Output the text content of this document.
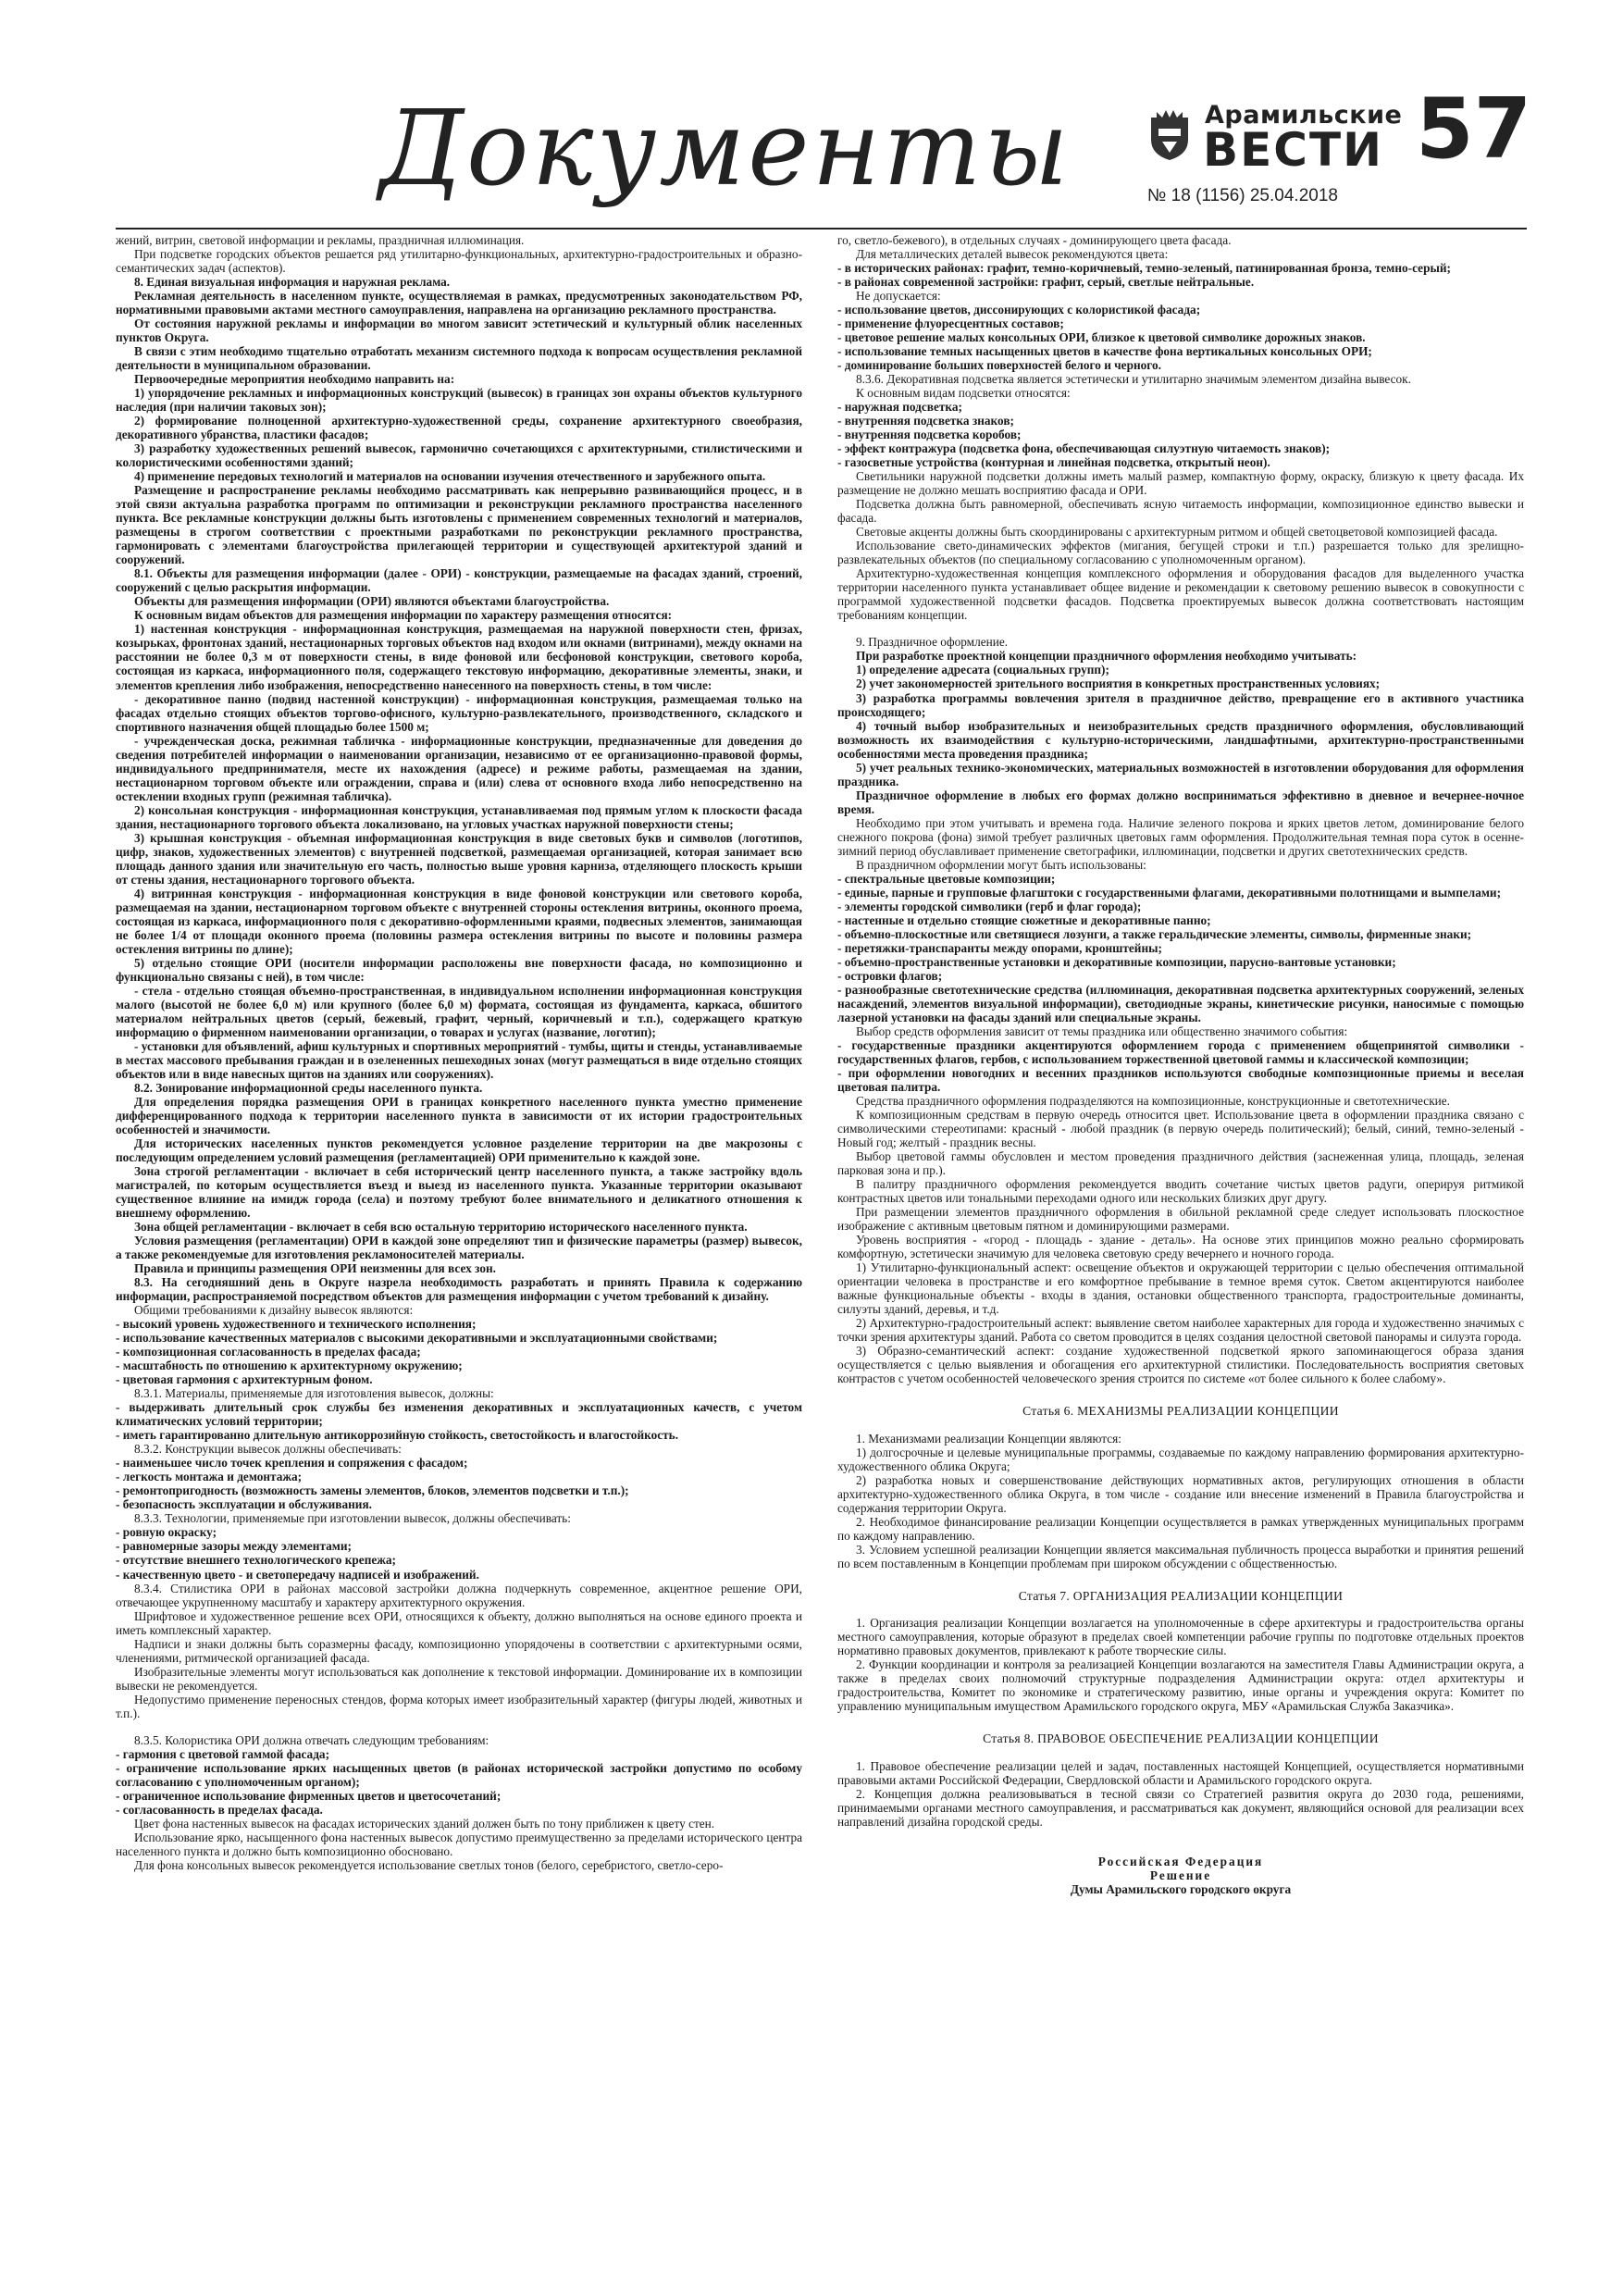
Документы	Арамильские
ВЕСТИ
№ 18 (1156) 25.04.2018
57

жений, витрин, световой информации и рекламы, праздничная иллюминация.

При подсветке городских объектов решается ряд утилитарно-функциональных, архитектурно-градостроительных и образно-семантических задач (аспектов).

8. Единая визуальная информация и наружная реклама.

Рекламная деятельность в населенном пункте, осуществляемая в рамках, предусмотренных законодательством РФ, нормативными правовыми актами местного самоуправления, направлена на организацию рекламного пространства.

От состояния наружной рекламы и информации во многом зависит эстетический и культурный облик населенных пунктов Округа.

В связи с этим необходимо тщательно отработать механизм системного подхода к вопросам осуществления рекламной деятельности в муниципальном образовании.

Первоочередные мероприятия необходимо направить на:

1) упорядочение рекламных и информационных конструкций (вывесок) в границах зон охраны объектов культурного наследия (при наличии таковых зон);

2) формирование полноценной архитектурно-художественной среды, сохранение архитектурного своеобразия, декоративного убранства, пластики фасадов;

3) разработку художественных решений вывесок, гармонично сочетающихся с архитектурными, стилистическими и колористическими особенностями зданий;

4) применение передовых технологий и материалов на основании изучения отечественного и зарубежного опыта.

Размещение и распространение рекламы необходимо рассматривать как непрерывно развивающийся процесс, и в этой связи актуальна разработка программ по оптимизации и реконструкции рекламного пространства населенного пункта. Все рекламные конструкции должны быть изготовлены с применением современных технологий и материалов, размещены в строгом соответствии с проектными разработками по реконструкции рекламного пространства, гармонировать с элементами благоустройства прилегающей территории и существующей архитектурой зданий и сооружений.

8.1. Объекты для размещения информации (далее - ОРИ) - конструкции, размещаемые на фасадах зданий, строений, сооружений с целью раскрытия информации.

Объекты для размещения информации (ОРИ) являются объектами благоустройства.

К основным видам объектов для размещения информации по характеру размещения относятся:

1) настенная конструкция - информационная конструкция, размещаемая на наружной поверхности стен, фризах, козырьках, фронтонах зданий, нестационарных торговых объектов над входом или окнами (витринами), между окнами на расстоянии не более 0,3 м от поверхности стены, в виде фоновой или бесфоновой конструкции, светового короба, состоящая из каркаса, информационного поля, содержащего текстовую информацию, декоративные элементы, знаки, и элементов крепления либо изображения, непосредственно нанесенного на поверхность стены, в том числе:

- декоративное панно (подвид настенной конструкции) - информационная конструкция, размещаемая только на фасадах отдельно стоящих объектов торгово-офисного, культурно-развлекательного, производственного, складского и спортивного назначения общей площадью более 1500 м;

- учрежденческая доска, режимная табличка - информационные конструкции, предназначенные для доведения до сведения потребителей информации о наименовании организации, независимо от ее организационно-правовой формы, индивидуального предпринимателя, месте их нахождения (адресе) и режиме работы, размещаемая на здании, нестационарном торговом объекте или ограждении, справа и (или) слева от основного входа либо непосредственно на остеклении входных групп (режимная табличка).

2) консольная конструкция - информационная конструкция, устанавливаемая под прямым углом к плоскости фасада здания, нестационарного торгового объекта локализовано, на угловых участках наружной поверхности стены;

3) крышная конструкция - объемная информационная конструкция в виде световых букв и символов (логотипов, цифр, знаков, художественных элементов) с внутренней подсветкой, размещаемая организацией, которая занимает всю площадь данного здания или значительную его часть, полностью выше уровня карниза, отделяющего плоскость крыши от стены здания, нестационарного торгового объекта.

4) витринная конструкция - информационная конструкция в виде фоновой конструкции или светового короба, размещаемая на здании, нестационарном торговом объекте с внутренней стороны остекления витрины, оконного проема, состоящая из каркаса, информационного поля с декоративно-оформленными краями, подвесных элементов, занимающая не более 1/4 от площади оконного проема (половины размера остекления витрины по высоте и половины размера остекления витрины по длине);

5) отдельно стоящие ОРИ (носители информации расположены вне поверхности фасада, но композиционно и функционально связаны с ней), в том числе:

- стела - отдельно стоящая объемно-пространственная, в индивидуальном исполнении информационная конструкция малого (высотой не более 6,0 м) или крупного (более 6,0 м) формата, состоящая из фундамента, каркаса, обшитого материалом нейтральных цветов (серый, бежевый, графит, черный, коричневый и т.п.), содержащего краткую информацию о фирменном наименовании организации, о товарах и услугах (название, логотип);

- установки для объявлений, афиш культурных и спортивных мероприятий - тумбы, щиты и стенды, устанавливаемые в местах массового пребывания граждан и в озелененных пешеходных зонах (могут размещаться в виде отдельно стоящих объектов или в виде навесных щитов на зданиях или сооружениях).

8.2. Зонирование информационной среды населенного пункта.

Для определения порядка размещения ОРИ в границах конкретного населенного пункта уместно применение дифференцированного подхода к территории населенного пункта в зависимости от их истории градостроительных особенностей и значимости.

Для исторических населенных пунктов рекомендуется условное разделение территории на две макрозоны с последующим определением условий размещения (регламентацией) ОРИ применительно к каждой зоне.

Зона строгой регламентации - включает в себя исторический центр населенного пункта, а также застройку вдоль магистралей, по которым осуществляется въезд и выезд из населенного пункта. Указанные территории оказывают существенное влияние на имидж города (села) и поэтому требуют более внимательного и деликатного отношения к внешнему оформлению.

Зона общей регламентации - включает в себя всю остальную территорию исторического населенного пункта.

Условия размещения (регламентации) ОРИ в каждой зоне определяют тип и физические параметры (размер) вывесок, а также рекомендуемые для изготовления рекламоносителей материалы.

Правила и принципы размещения ОРИ неизменны для всех зон.

8.3. На сегодняшний день в Округе назрела необходимость разработать и принять Правила к содержанию информации, распространяемой посредством объектов для размещения информации с учетом требований к дизайну.

Общими требованиями к дизайну вывесок являются:

- высокий уровень художественного и технического исполнения;

- использование качественных материалов с высокими декоративными и эксплуатационными свойствами;

- композиционная согласованность в пределах фасада;

- масштабность по отношению к архитектурному окружению;

- цветовая гармония с архитектурным фоном.

8.3.1. Материалы, применяемые для изготовления вывесок, должны:

- выдерживать длительный срок службы без изменения декоративных и эксплуатационных качеств, с учетом климатических условий территории;

- иметь гарантированно длительную антикоррозийную стойкость, светостойкость и влагостойкость.

8.3.2. Конструкции вывесок должны обеспечивать:

- наименьшее число точек крепления и сопряжения с фасадом;

- легкость монтажа и демонтажа;

- ремонтопригодность (возможность замены элементов, блоков, элементов подсветки и т.п.);

- безопасность эксплуатации и обслуживания.

8.3.3. Технологии, применяемые при изготовлении вывесок, должны обеспечивать:

- ровную окраску;

- равномерные зазоры между элементами;

- отсутствие внешнего технологического крепежа;

- качественную цвето - и светопередачу надписей и изображений.

8.3.4. Стилистика ОРИ в районах массовой застройки должна подчеркнуть современное, акцентное решение ОРИ, отвечающее укрупненному масштабу и характеру архитектурного окружения.

Шрифтовое и художественное решение всех ОРИ, относящихся к объекту, должно выполняться на основе единого проекта и иметь комплексный характер.

Надписи и знаки должны быть соразмерны фасаду, композиционно упорядочены в соответствии с архитектурными осями, членениями, ритмической организацией фасада.

Изобразительные элементы могут использоваться как дополнение к текстовой информации. Доминирование их в композиции вывески не рекомендуется.

Недопустимо применение переносных стендов, форма которых имеет изобразительный характер (фигуры людей, животных и т.п.).

8.3.5. Колористика ОРИ должна отвечать следующим требованиям:

- гармония с цветовой гаммой фасада;

- ограничение использование ярких насыщенных цветов (в районах исторической застройки допустимо по особому согласованию с уполномоченным органом);

- ограниченное использование фирменных цветов и цветосочетаний;

- согласованность в пределах фасада.

Цвет фона настенных вывесок на фасадах исторических зданий должен быть по тону приближен к цвету стен.

Использование ярко, насыщенного фона настенных вывесок допустимо преимущественно за пределами исторического центра населенного пункта и должно быть композиционно обосновано.

Для фона консольных вывесок рекомендуется использование светлых тонов (белого, серебристого, светло-серо-

го, светло-бежевого), в отдельных случаях - доминирующего цвета фасада.

Для металлических деталей вывесок рекомендуются цвета:

- в исторических районах: графит, темно-коричневый, темно-зеленый, патинированная бронза, темно-серый;

- в районах современной застройки: графит, серый, светлые нейтральные.

Не допускается:

- использование цветов, диссонирующих с колористикой фасада;

- применение флуоресцентных составов;

- цветовое решение малых консольных ОРИ, близкое к цветовой символике дорожных знаков.

- использование темных насыщенных цветов в качестве фона вертикальных консольных ОРИ;

- доминирование больших поверхностей белого и черного.

8.3.6. Декоративная подсветка является эстетически и утилитарно значимым элементом дизайна вывесок.

К основным видам подсветки относятся:

- наружная подсветка;

- внутренняя подсветка знаков;

- внутренняя подсветка коробов;

- эффект контражура (подсветка фона, обеспечивающая силуэтную читаемость знаков);

- газосветные устройства (контурная и линейная подсветка, открытый неон).

Светильники наружной подсветки должны иметь малый размер, компактную форму, окраску, близкую к цвету фасада. Их размещение не должно мешать восприятию фасада и ОРИ.

Подсветка должна быть равномерной, обеспечивать ясную читаемость информации, композиционное единство вывески и фасада.

Световые акценты должны быть скоординированы с архитектурным ритмом и общей светоцветовой композицией фасада.

Использование свето-динамических эффектов (мигания, бегущей строки и т.п.) разрешается только для зрелищно-развлекательных объектов (по специальному согласованию с уполномоченным органом).

Архитектурно-художественная концепция комплексного оформления и оборудования фасадов для выделенного участка территории населенного пункта устанавливает общее видение и рекомендации к световому решению вывесок в совокупности с программой художественной подсветки фасадов. Подсветка проектируемых вывесок должна соответствовать настоящим требованиям концепции.

9. Праздничное оформление.

При разработке проектной концепции праздничного оформления необходимо учитывать:

1) определение адресата (социальных групп);

2) учет закономерностей зрительного восприятия в конкретных пространственных условиях;

3) разработка программы вовлечения зрителя в праздничное действо, превращение его в активного участника происходящего;

4) точный выбор изобразительных и неизобразительных средств праздничного оформления, обусловливающий возможность их взаимодействия с культурно-историческими, ландшафтными, архитектурно-пространственными особенностями места проведения праздника;

5) учет реальных технико-экономических, материальных возможностей в изготовлении оборудования для оформления праздника.

Праздничное оформление в любых его формах должно восприниматься эффективно в дневное и вечернее-ночное время.

Необходимо при этом учитывать и времена года. Наличие зеленого покрова и ярких цветов летом, доминирование белого снежного покрова (фона) зимой требует различных цветовых гамм оформления. Продолжительная темная пора суток в осенне-зимний период обуславливает применение светографики, иллюминации, подсветки и других светотехнических средств.

В праздничном оформлении могут быть использованы:

- спектральные цветовые композиции;

- единые, парные и групповые флагштоки с государственными флагами, декоративными полотнищами и вымпелами;

- элементы городской символики (герб и флаг города);

- настенные и отдельно стоящие сюжетные и декоративные панно;

- объемно-плоскостные или светящиеся лозунги, а также геральдические элементы, символы, фирменные знаки;

- перетяжки-транспаранты между опорами, кронштейны;

- объемно-пространственные установки и декоративные композиции, парусно-вантовые установки;

- островки флагов;

- разнообразные светотехнические средства (иллюминация, декоративная подсветка архитектурных сооружений, зеленых насаждений, элементов визуальной информации), светодиодные экраны, кинетические рисунки, наносимые с помощью лазерной установки на фасады зданий или специальные экраны.

Выбор средств оформления зависит от темы праздника или общественно значимого события:

- государственные праздники акцентируются оформлением города с применением общепринятой символики - государственных флагов, гербов, с использованием торжественной цветовой гаммы и классической композиции;

- при оформлении новогодних и весенних праздников используются свободные композиционные приемы и веселая цветовая палитра.

Средства праздничного оформления подразделяются на композиционные, конструкционные и светотехнические.

К композиционным средствам в первую очередь относится цвет. Использование цвета в оформлении праздника связано с символическими стереотипами: красный - любой праздник (в первую очередь политический); белый, синий, темно-зеленый - Новый год; желтый - праздник весны.

Выбор цветовой гаммы обусловлен и местом проведения праздничного действия (заснеженная улица, площадь, зеленая парковая зона и пр.).

В палитру праздничного оформления рекомендуется вводить сочетание чистых цветов радуги, оперируя ритмикой контрастных цветов или тональными переходами одного или нескольких близких друг другу.

При размещении элементов праздничного оформления в обильной рекламной среде следует использовать плоскостное изображение с активным цветовым пятном и доминирующими размерами.

Уровень восприятия - «город - площадь - здание - деталь». На основе этих принципов можно реально сформировать комфортную, эстетически значимую для человека световую среду вечернего и ночного города.

1) Утилитарно-функциональный аспект: освещение объектов и окружающей территории с целью обеспечения оптимальной ориентации человека в пространстве и его комфортное пребывание в темное время суток. Светом акцентируются наиболее важные функциональные объекты - входы в здания, остановки общественного транспорта, градостроительные доминанты, силуэты зданий, деревья, и т.д.

2) Архитектурно-градостроительный аспект: выявление светом наиболее характерных для города и художественно значимых с точки зрения архитектуры зданий. Работа со светом проводится в целях создания целостной световой панорамы и силуэта города.

3) Образно-семантический аспект: создание художественной подсветкой яркого запоминающегося образа здания осуществляется с целью выявления и обогащения его архитектурной стилистики. Последовательность восприятия световых контрастов с учетом особенностей человеческого зрения строится по системе «от более сильного к более слабому».

Статья 6. МЕХАНИЗМЫ РЕАЛИЗАЦИИ КОНЦЕПЦИИ

1. Механизмами реализации Концепции являются:

1) долгосрочные и целевые муниципальные программы, создаваемые по каждому направлению формирования архитектурно-художественного облика Округа;

2) разработка новых и совершенствование действующих нормативных актов, регулирующих отношения в области архитектурно-художественного облика Округа, в том числе - создание или внесение изменений в Правила благоустройства и содержания территории Округа.

2. Необходимое финансирование реализации Концепции осуществляется в рамках утвержденных муниципальных программ по каждому направлению.

3. Условием успешной реализации Концепции является максимальная публичность процесса выработки и принятия решений по всем поставленным в Концепции проблемам при широком обсуждении с общественностью.

Статья 7. ОРГАНИЗАЦИЯ РЕАЛИЗАЦИИ КОНЦЕПЦИИ

1. Организация реализации Концепции возлагается на уполномоченные в сфере архитектуры и градостроительства органы местного самоуправления, которые образуют в пределах своей компетенции рабочие группы по подготовке отдельных проектов нормативно правовых документов, привлекают к работе творческие силы.

2. Функции координации и контроля за реализацией Концепции возлагаются на заместителя Главы Администрации округа, а также в пределах своих полномочий структурные подразделения Администрации округа: отдел архитектуры и градостроительства, Комитет по экономике и стратегическому развитию, иные органы и учреждения округа: Комитет по управлению муниципальным имуществом Арамильского городского округа, МБУ «Арамильская Служба Заказчика».

Статья 8. ПРАВОВОЕ ОБЕСПЕЧЕНИЕ РЕАЛИЗАЦИИ КОНЦЕПЦИИ

1. Правовое обеспечение реализации целей и задач, поставленных настоящей Концепцией, осуществляется нормативными правовыми актами Российской Федерации, Свердловской области и Арамильского городского округа.

2. Концепция должна реализовываться в тесной связи со Стратегией развития округа до 2030 года, решениями, принимаемыми органами местного самоуправления, и рассматриваться как документ, являющийся основой для реализации всех направлений дизайна городской среды.

Российская Федерация

Решение

Думы Арамильского городского округа
